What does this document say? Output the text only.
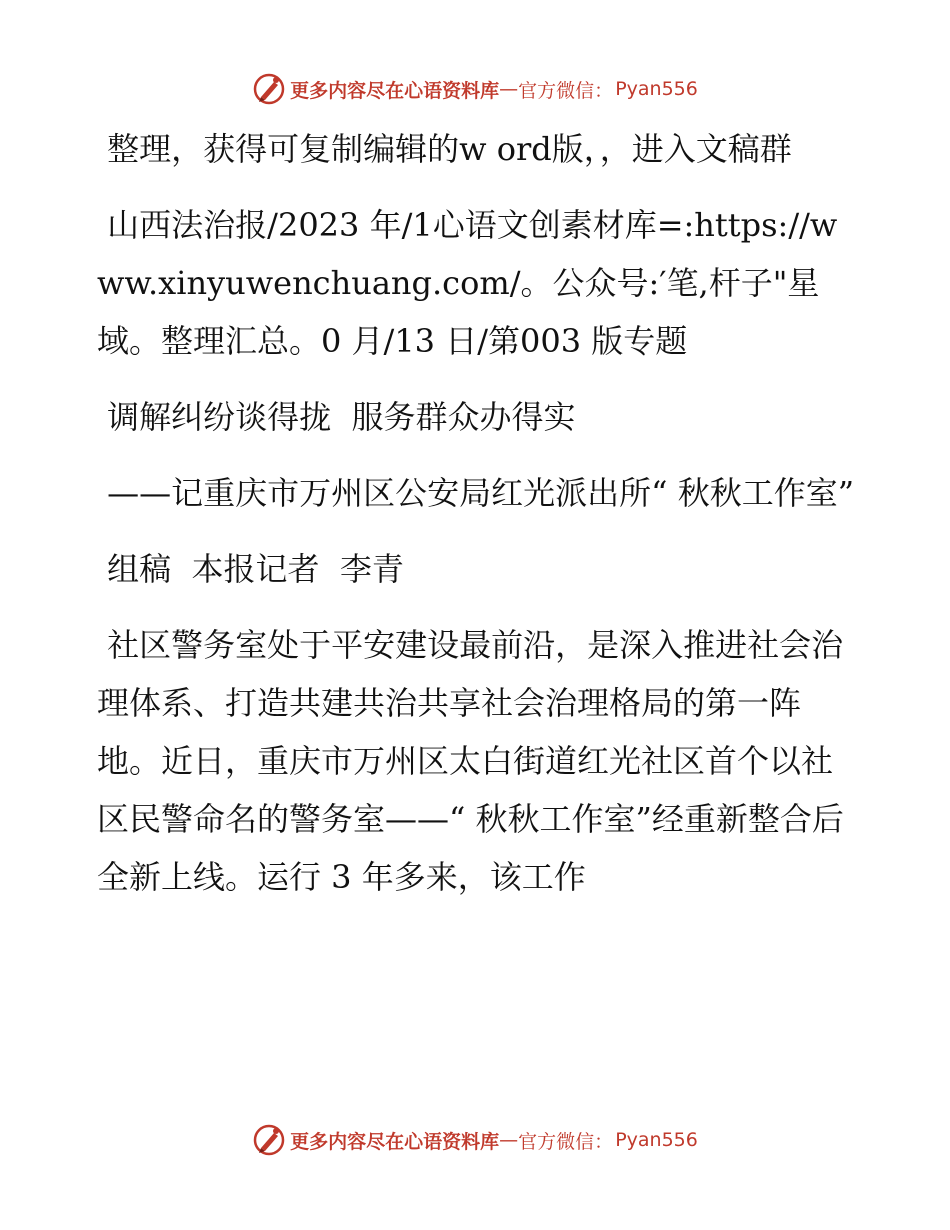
更多内容尽在心语资料库 — 官方微信： Pyan556

整理，获得可复制编辑的w ord版，，进入文稿群

山西法治报/2023 年/1心语文创素材库=:https://www.xinyuwenchuang.com/。公众号:′笔,杆子"星域。整理汇总。0 月/13 日/第003 版专题

调解纠纷谈得拢  服务群众办得实

——记重庆市万州区公安局红光派出所“ 秋秋工作室”

组稿  本报记者  李青

社区警务室处于平安建设最前沿，是深入推进社会治理体系、打造共建共治共享社会治理格局的第一阵地。近日，重庆市万州区太白街道红光社区首个以社区民警命名的警务室——“ 秋秋工作室”经重新整合后全新上线。运行 3 年多来，该工作

更多内容尽在心语资料库 — 官方微信： Pyan556
